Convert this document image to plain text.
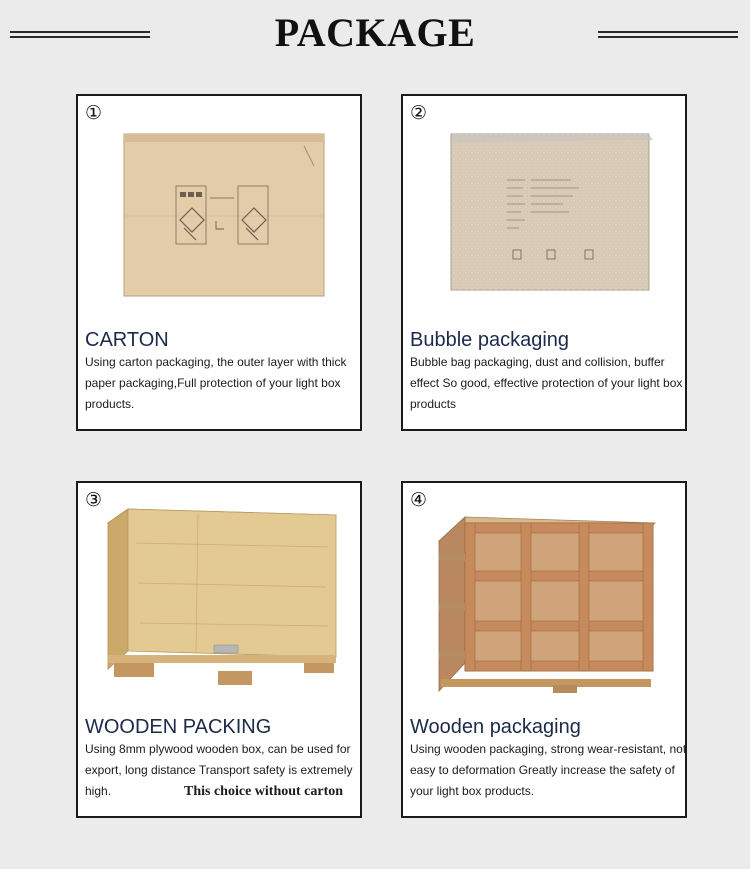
PACKAGE
①
CARTON
Using carton packaging, the outer layer with thick
paper packaging,Full protection of your light box
products.
②
Bubble packaging
Bubble bag packaging, dust and collision, buffer
effect So good, effective protection of your light box
products
③
WOODEN PACKING
Using 8mm plywood wooden box, can be used for
export, long distance Transport safety is extremely
high.	This choice without carton
④
Wooden packaging
Using wooden packaging, strong wear-resistant, not
easy to deformation Greatly increase the safety of
your light box products.
